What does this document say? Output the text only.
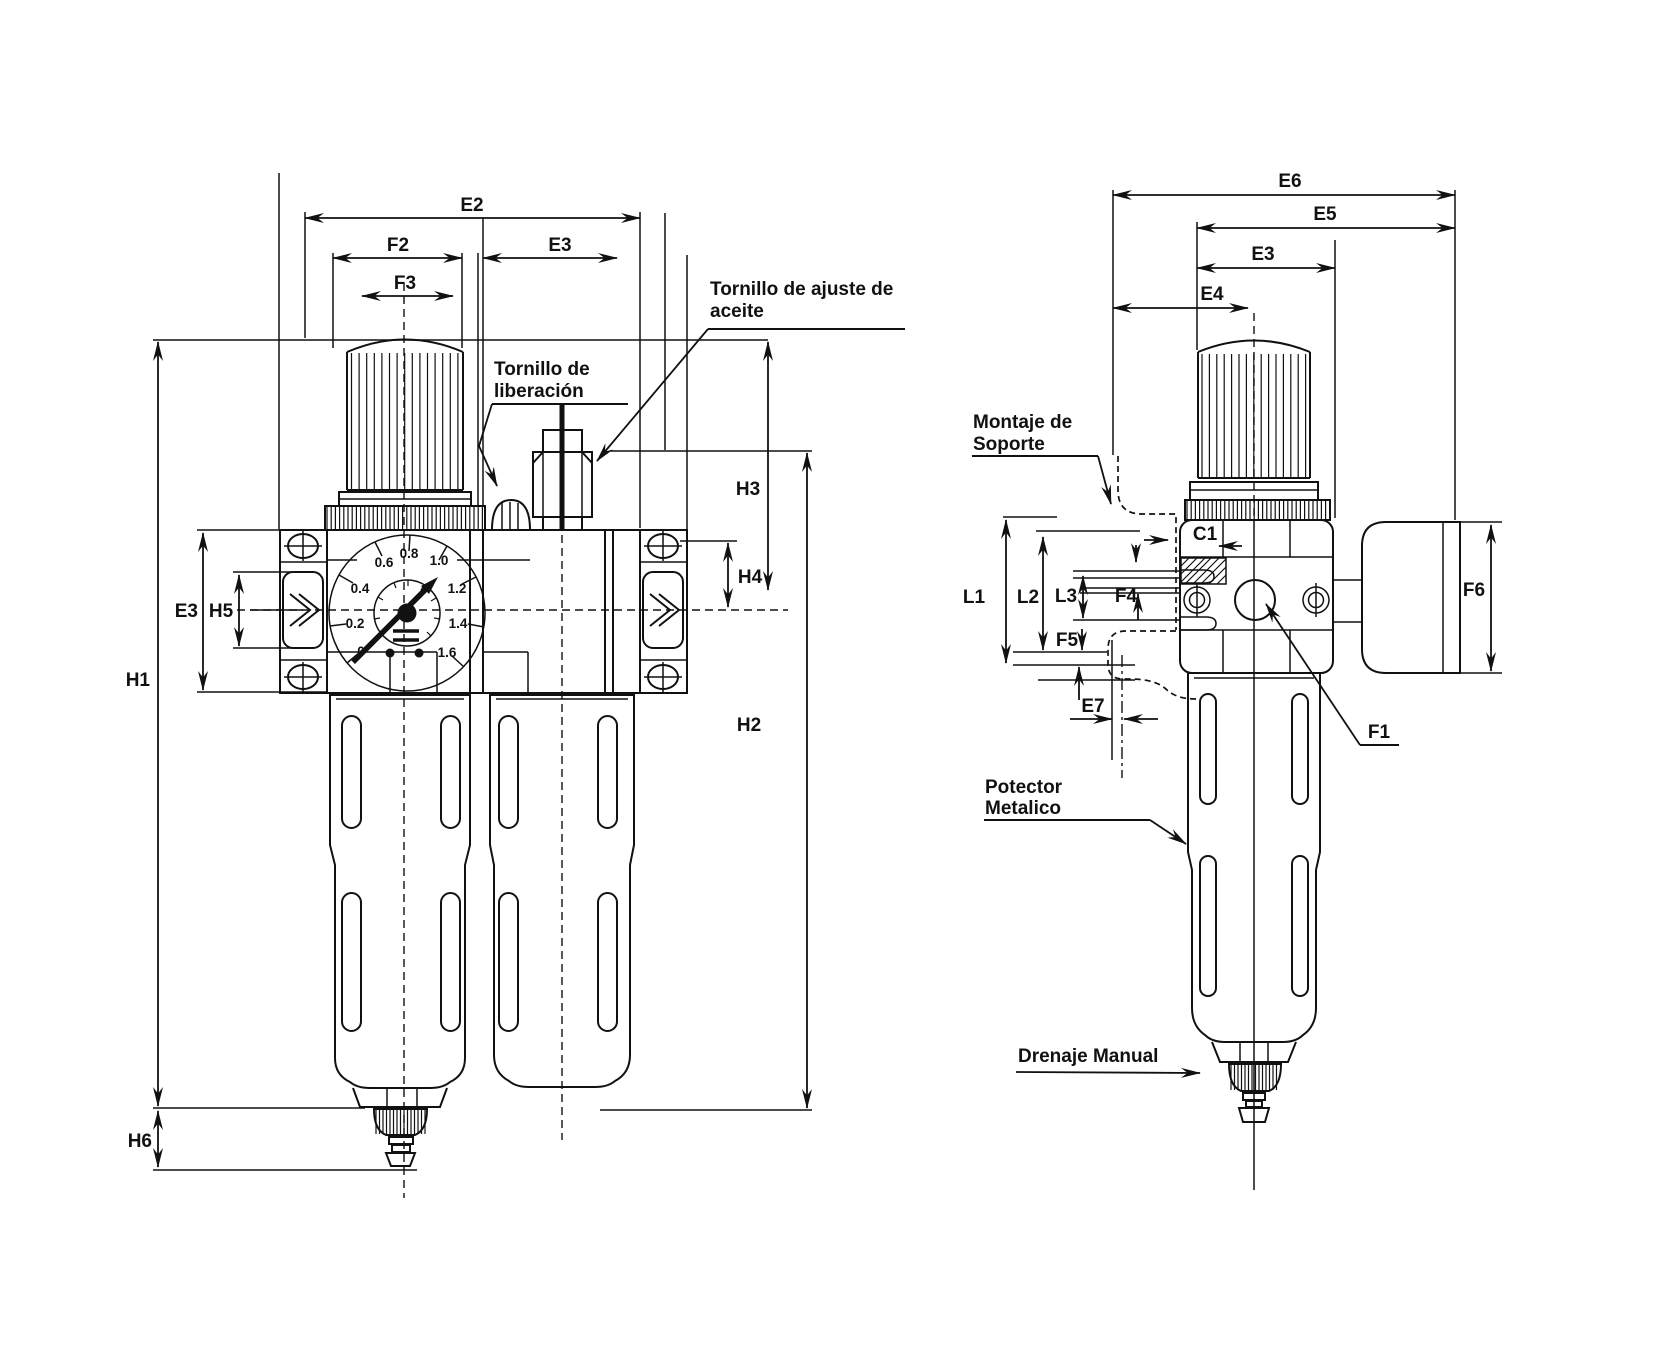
0
0.2
0.4
0.6
0.8 1.0
1.2
1.4
1.6
E2
F2	E3
F3
H1
H6
H2
H3
H4
E3 H5
Tornillo de ajuste de
aceite
Tornillo de
liberación
E6
E5
E3
E4
C1
L1 L2 L3 F4
F5
E7
F6
F1
Montaje de
Soporte
Potector
Metalico
Drenaje Manual
